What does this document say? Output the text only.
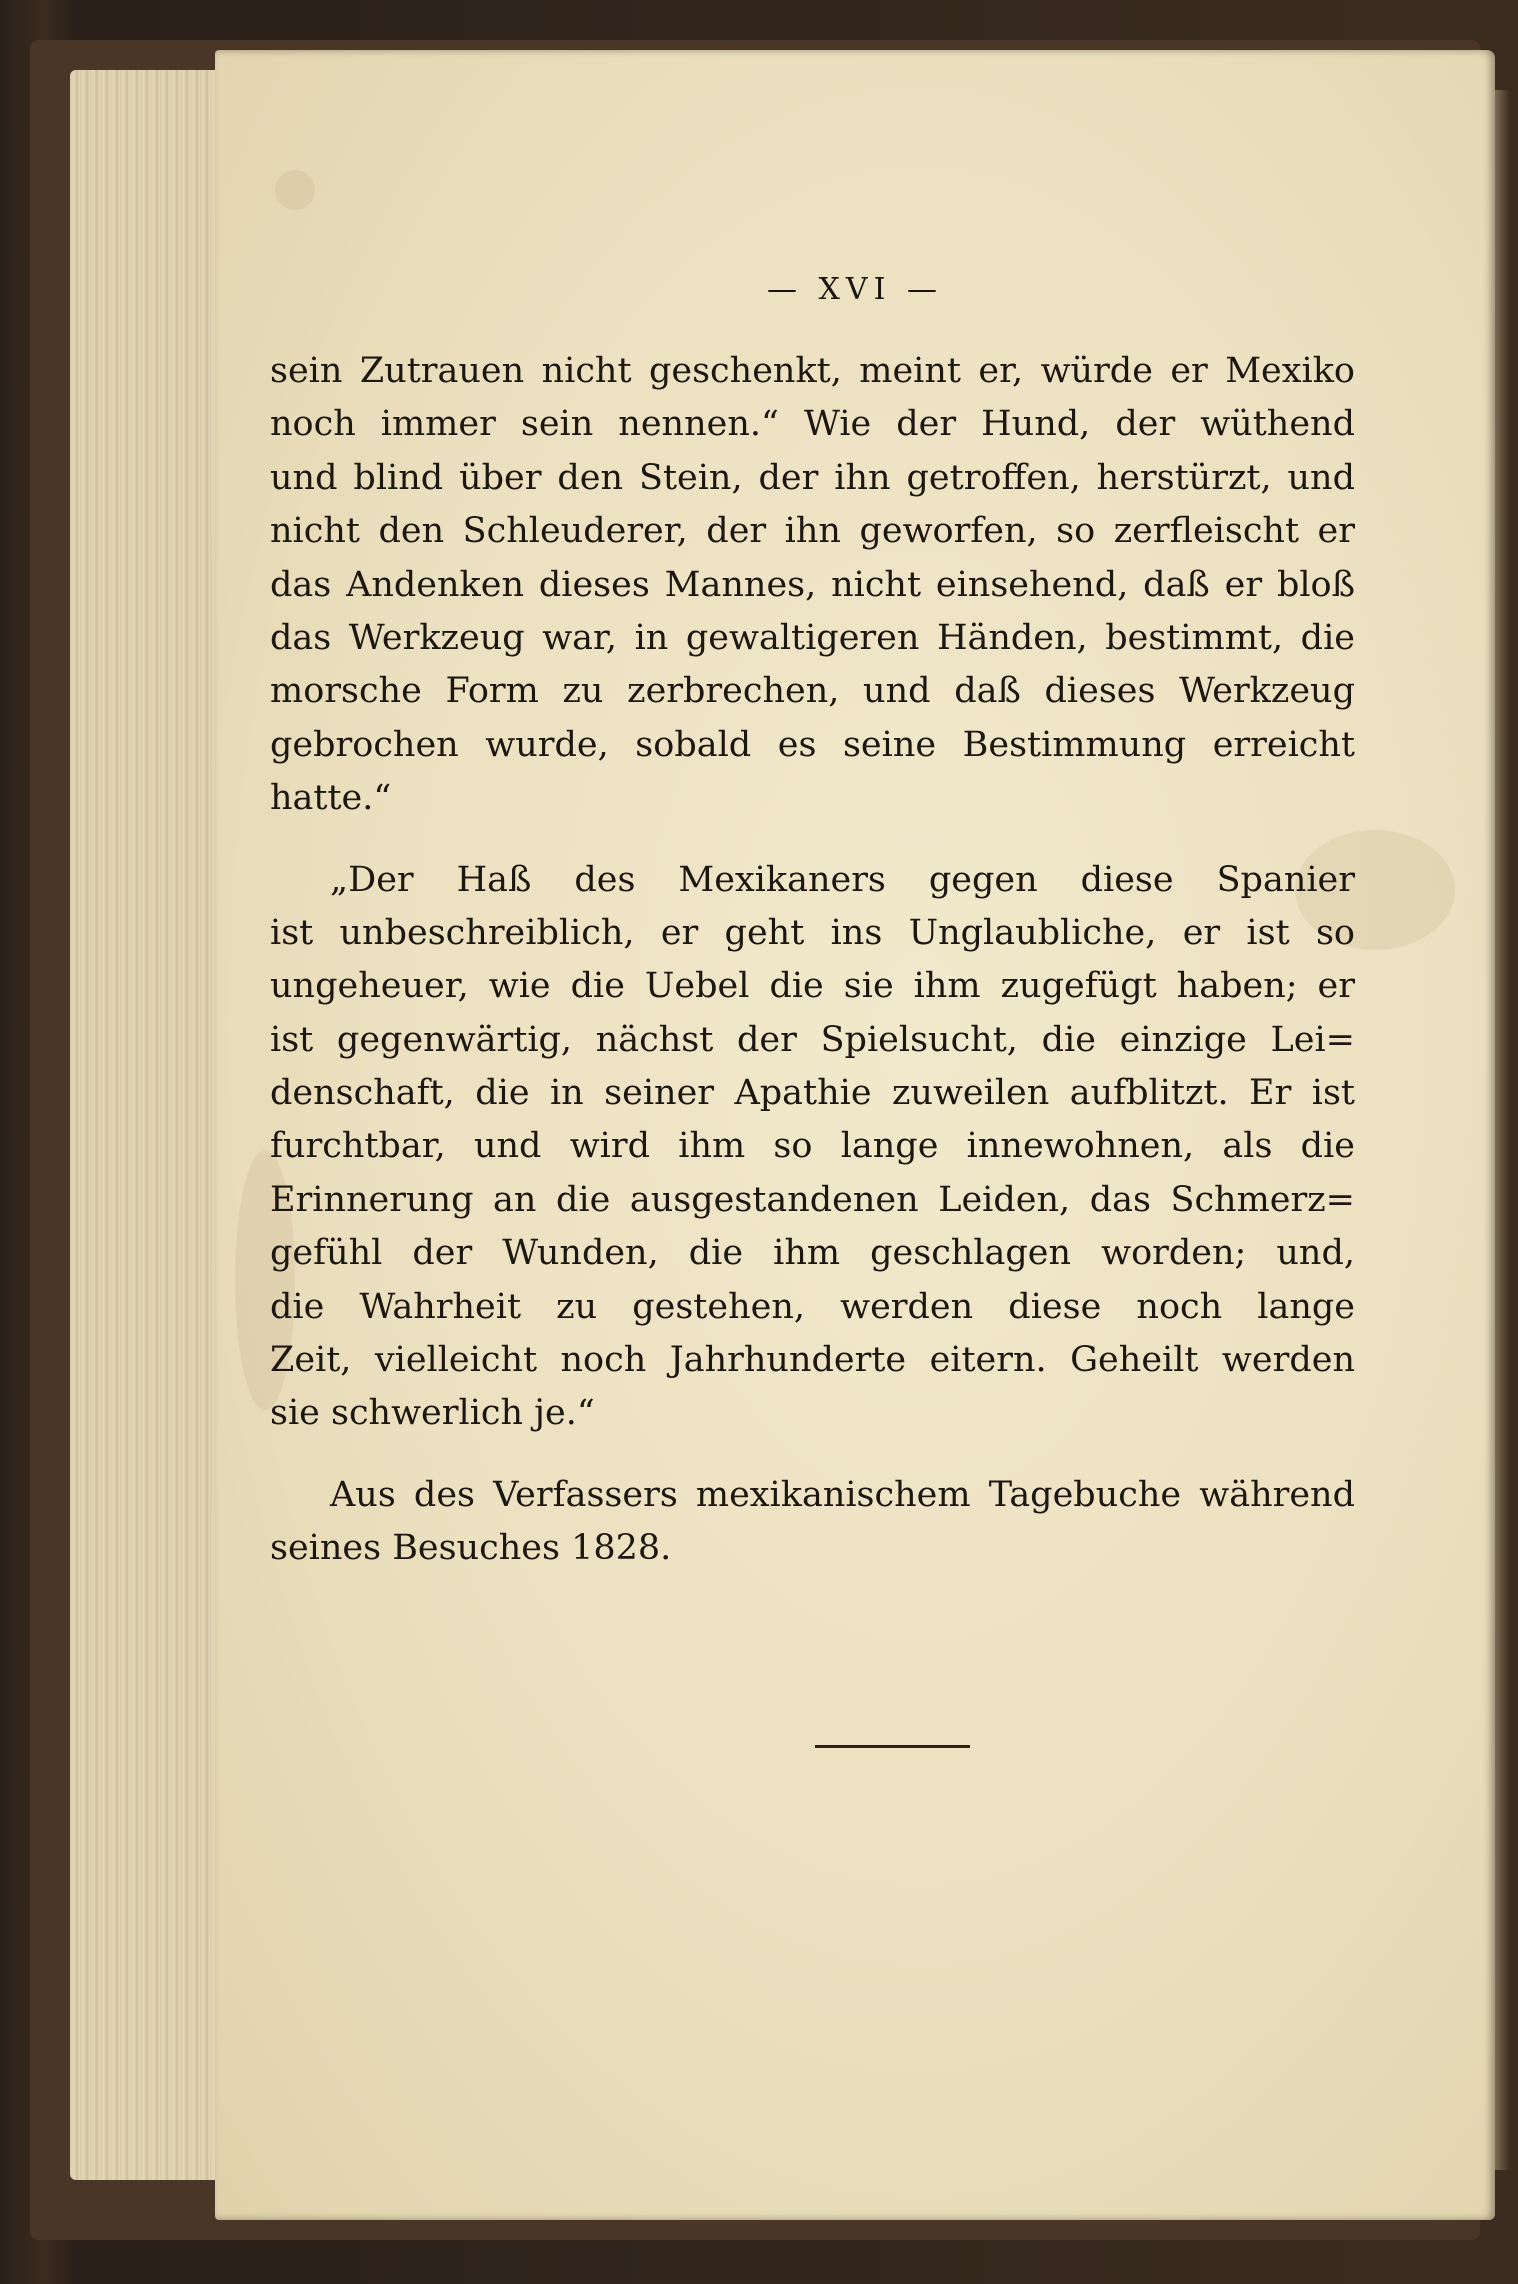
— XVI —
sein Zutrauen nicht geschenkt, meint er, würde er Mexiko
noch immer sein nennen.“ Wie der Hund, der wüthend
und blind über den Stein, der ihn getroffen, herstürzt, und
nicht den Schleuderer, der ihn geworfen, so zerfleischt er
das Andenken dieses Mannes, nicht einsehend, daß er bloß
das Werkzeug war, in gewaltigeren Händen, bestimmt, die
morsche Form zu zerbrechen, und daß dieses Werkzeug
gebrochen wurde, sobald es seine Bestimmung erreicht
hatte.“
„Der Haß des Mexikaners gegen diese Spanier
ist unbeschreiblich, er geht ins Unglaubliche, er ist so
ungeheuer, wie die Uebel die sie ihm zugefügt haben; er
ist gegenwärtig, nächst der Spielsucht, die einzige Lei=
denschaft, die in seiner Apathie zuweilen aufblitzt. Er ist
furchtbar, und wird ihm so lange innewohnen, als die
Erinnerung an die ausgestandenen Leiden, das Schmerz=
gefühl der Wunden, die ihm geschlagen worden; und,
die Wahrheit zu gestehen, werden diese noch lange
Zeit, vielleicht noch Jahrhunderte eitern. Geheilt werden
sie schwerlich je.“
Aus des Verfassers mexikanischem Tagebuche während
seines Besuches 1828.
